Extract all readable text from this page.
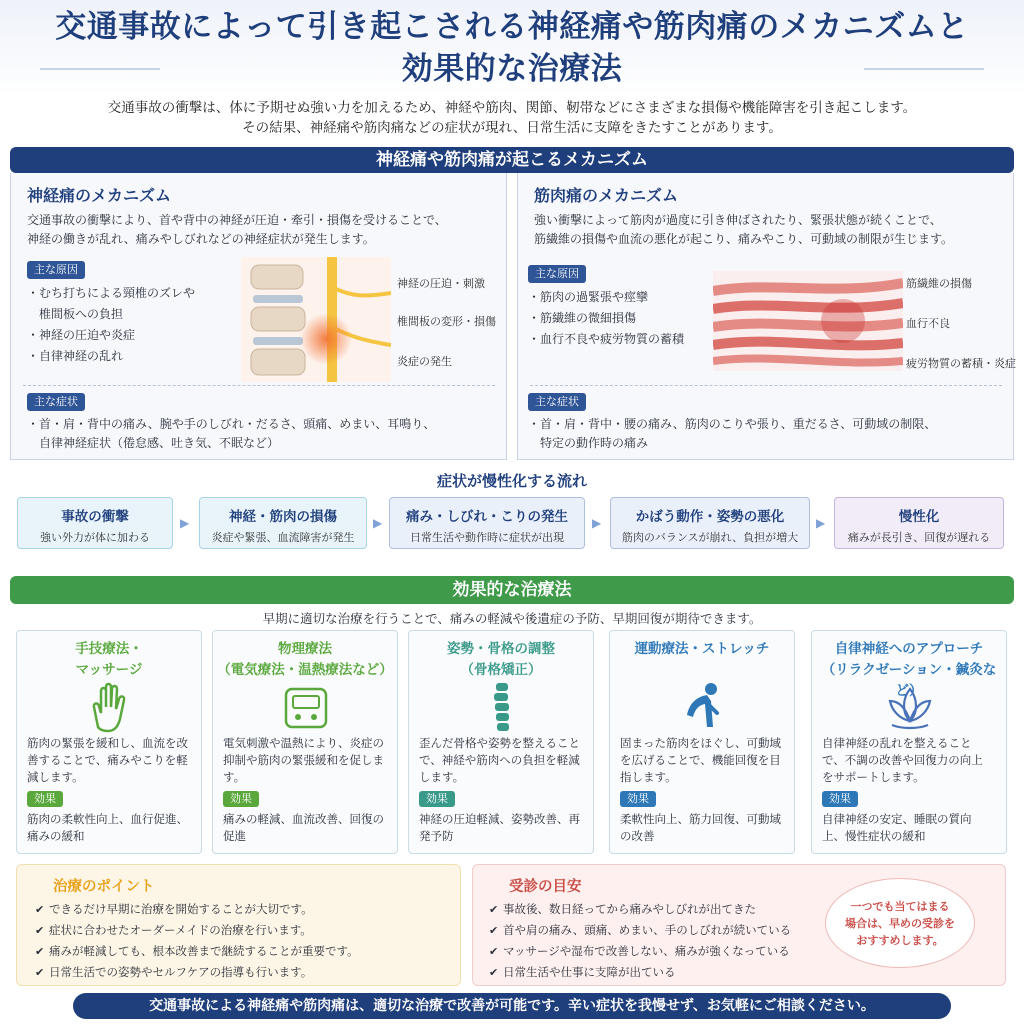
交通事故によって引き起こされる神経痛や筋肉痛のメカニズムと
効果的な治療法
交通事故の衝撃は、体に予期せぬ強い力を加えるため、神経や筋肉、関節、靭帯などにさまざまな損傷や機能障害を引き起こします。
その結果、神経痛や筋肉痛などの症状が現れ、日常生活に支障をきたすことがあります。
神経痛や筋肉痛が起こるメカニズム
神経痛のメカニズム
交通事故の衝撃により、首や背中の神経が圧迫・牽引・損傷を受けることで、
神経の働きが乱れ、痛みやしびれなどの神経症状が発生します。
主な原因
・むち打ちによる頸椎のズレや
　椎間板への負担
・神経の圧迫や炎症
・自律神経の乱れ
神経の圧迫・刺激
椎間板の変形・損傷
炎症の発生
主な症状
・首・肩・背中の痛み、腕や手のしびれ・だるさ、頭痛、めまい、耳鳴り、
　自律神経症状（倦怠感、吐き気、不眠など）
筋肉痛のメカニズム
強い衝撃によって筋肉が過度に引き伸ばされたり、緊張状態が続くことで、
筋繊維の損傷や血流の悪化が起こり、痛みやこり、可動域の制限が生じます。
主な原因
・筋肉の過緊張や痙攣
・筋繊維の微細損傷
・血行不良や疲労物質の蓄積
筋繊維の損傷
血行不良
疲労物質の蓄積・炎症
主な症状
・首・肩・背中・腰の痛み、筋肉のこりや張り、重だるさ、可動域の制限、
　特定の動作時の痛み
症状が慢性化する流れ
事故の衝撃
強い外力が体に加わる
▶	神経・筋肉の損傷
炎症や緊張、血流障害が発生
▶	痛み・しびれ・こりの発生
日常生活や動作時に症状が出現
▶	かばう動作・姿勢の悪化
筋肉のバランスが崩れ、負担が増大
▶	慢性化
痛みが長引き、回復が遅れる
効果的な治療法
早期に適切な治療を行うことで、痛みの軽減や後遺症の予防、早期回復が期待できます。
手技療法・
マッサージ
筋肉の緊張を緩和し、血流を改善することで、痛みやこりを軽減します。
効果
筋肉の柔軟性向上、血行促進、痛みの緩和
物理療法
（電気療法・温熱療法など）
電気刺激や温熱により、炎症の抑制や筋肉の緊張緩和を促します。
効果
痛みの軽減、血流改善、回復の促進
姿勢・骨格の調整
（骨格矯正）
歪んだ骨格や姿勢を整えることで、神経や筋肉への負担を軽減します。
効果
神経の圧迫軽減、姿勢改善、再発予防
運動療法・ストレッチ
固まった筋肉をほぐし、可動域を広げることで、機能回復を目指します。
効果
柔軟性向上、筋力回復、可動域の改善
自律神経へのアプローチ
（リラクゼーション・鍼灸など）
自律神経の乱れを整えることで、不調の改善や回復力の向上をサポートします。
効果
自律神経の安定、睡眠の質向上、慢性症状の緩和
治療のポイント
✔ できるだけ早期に治療を開始することが大切です。
✔ 症状に合わせたオーダーメイドの治療を行います。
✔ 痛みが軽減しても、根本改善まで継続することが重要です。
✔ 日常生活での姿勢やセルフケアの指導も行います。
受診の目安
✔ 事故後、数日経ってから痛みやしびれが出てきた
✔ 首や肩の痛み、頭痛、めまい、手のしびれが続いている
✔ マッサージや湿布で改善しない、痛みが強くなっている
✔ 日常生活や仕事に支障が出ている
一つでも当てはまる
場合は、早めの受診を
おすすめします。
交通事故による神経痛や筋肉痛は、適切な治療で改善が可能です。辛い症状を我慢せず、お気軽にご相談ください。
